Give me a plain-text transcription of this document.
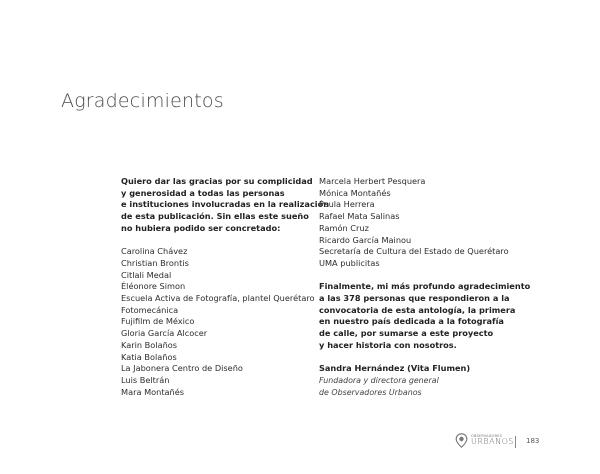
Agradecimientos
Quiero dar las gracias por su complicidad
y generosidad a todas las personas
e instituciones involucradas en la realización
de esta publicación. Sin ellas este sueño
no hubiera podido ser concretado:
Carolina Chávez
Christian Brontis
Citlali Medal
Éléonore Simon
Escuela Activa de Fotografía, plantel Querétaro
Fotomecánica
Fujifilm de México
Gloria García Alcocer
Karin Bolaños
Katia Bolaños
La Jabonera Centro de Diseño
Luis Beltrán
Mara Montañés
Marcela Herbert Pesquera
Mónica Montañés
Paula Herrera
Rafael Mata Salinas
Ramón Cruz
Ricardo García Mainou
Secretaría de Cultura del Estado de Querétaro
UMA publicitas
Finalmente, mi más profundo agradecimiento
a las 378 personas que respondieron a la
convocatoria de esta antología, la primera
en nuestro país dedicada a la fotografía
de calle, por sumarse a este proyecto
y hacer historia con nosotros.
Sandra Hernández (Vita Flumen)
Fundadora y directora general
de Observadores Urbanos
OBSERVADORES
URBANOS 183
